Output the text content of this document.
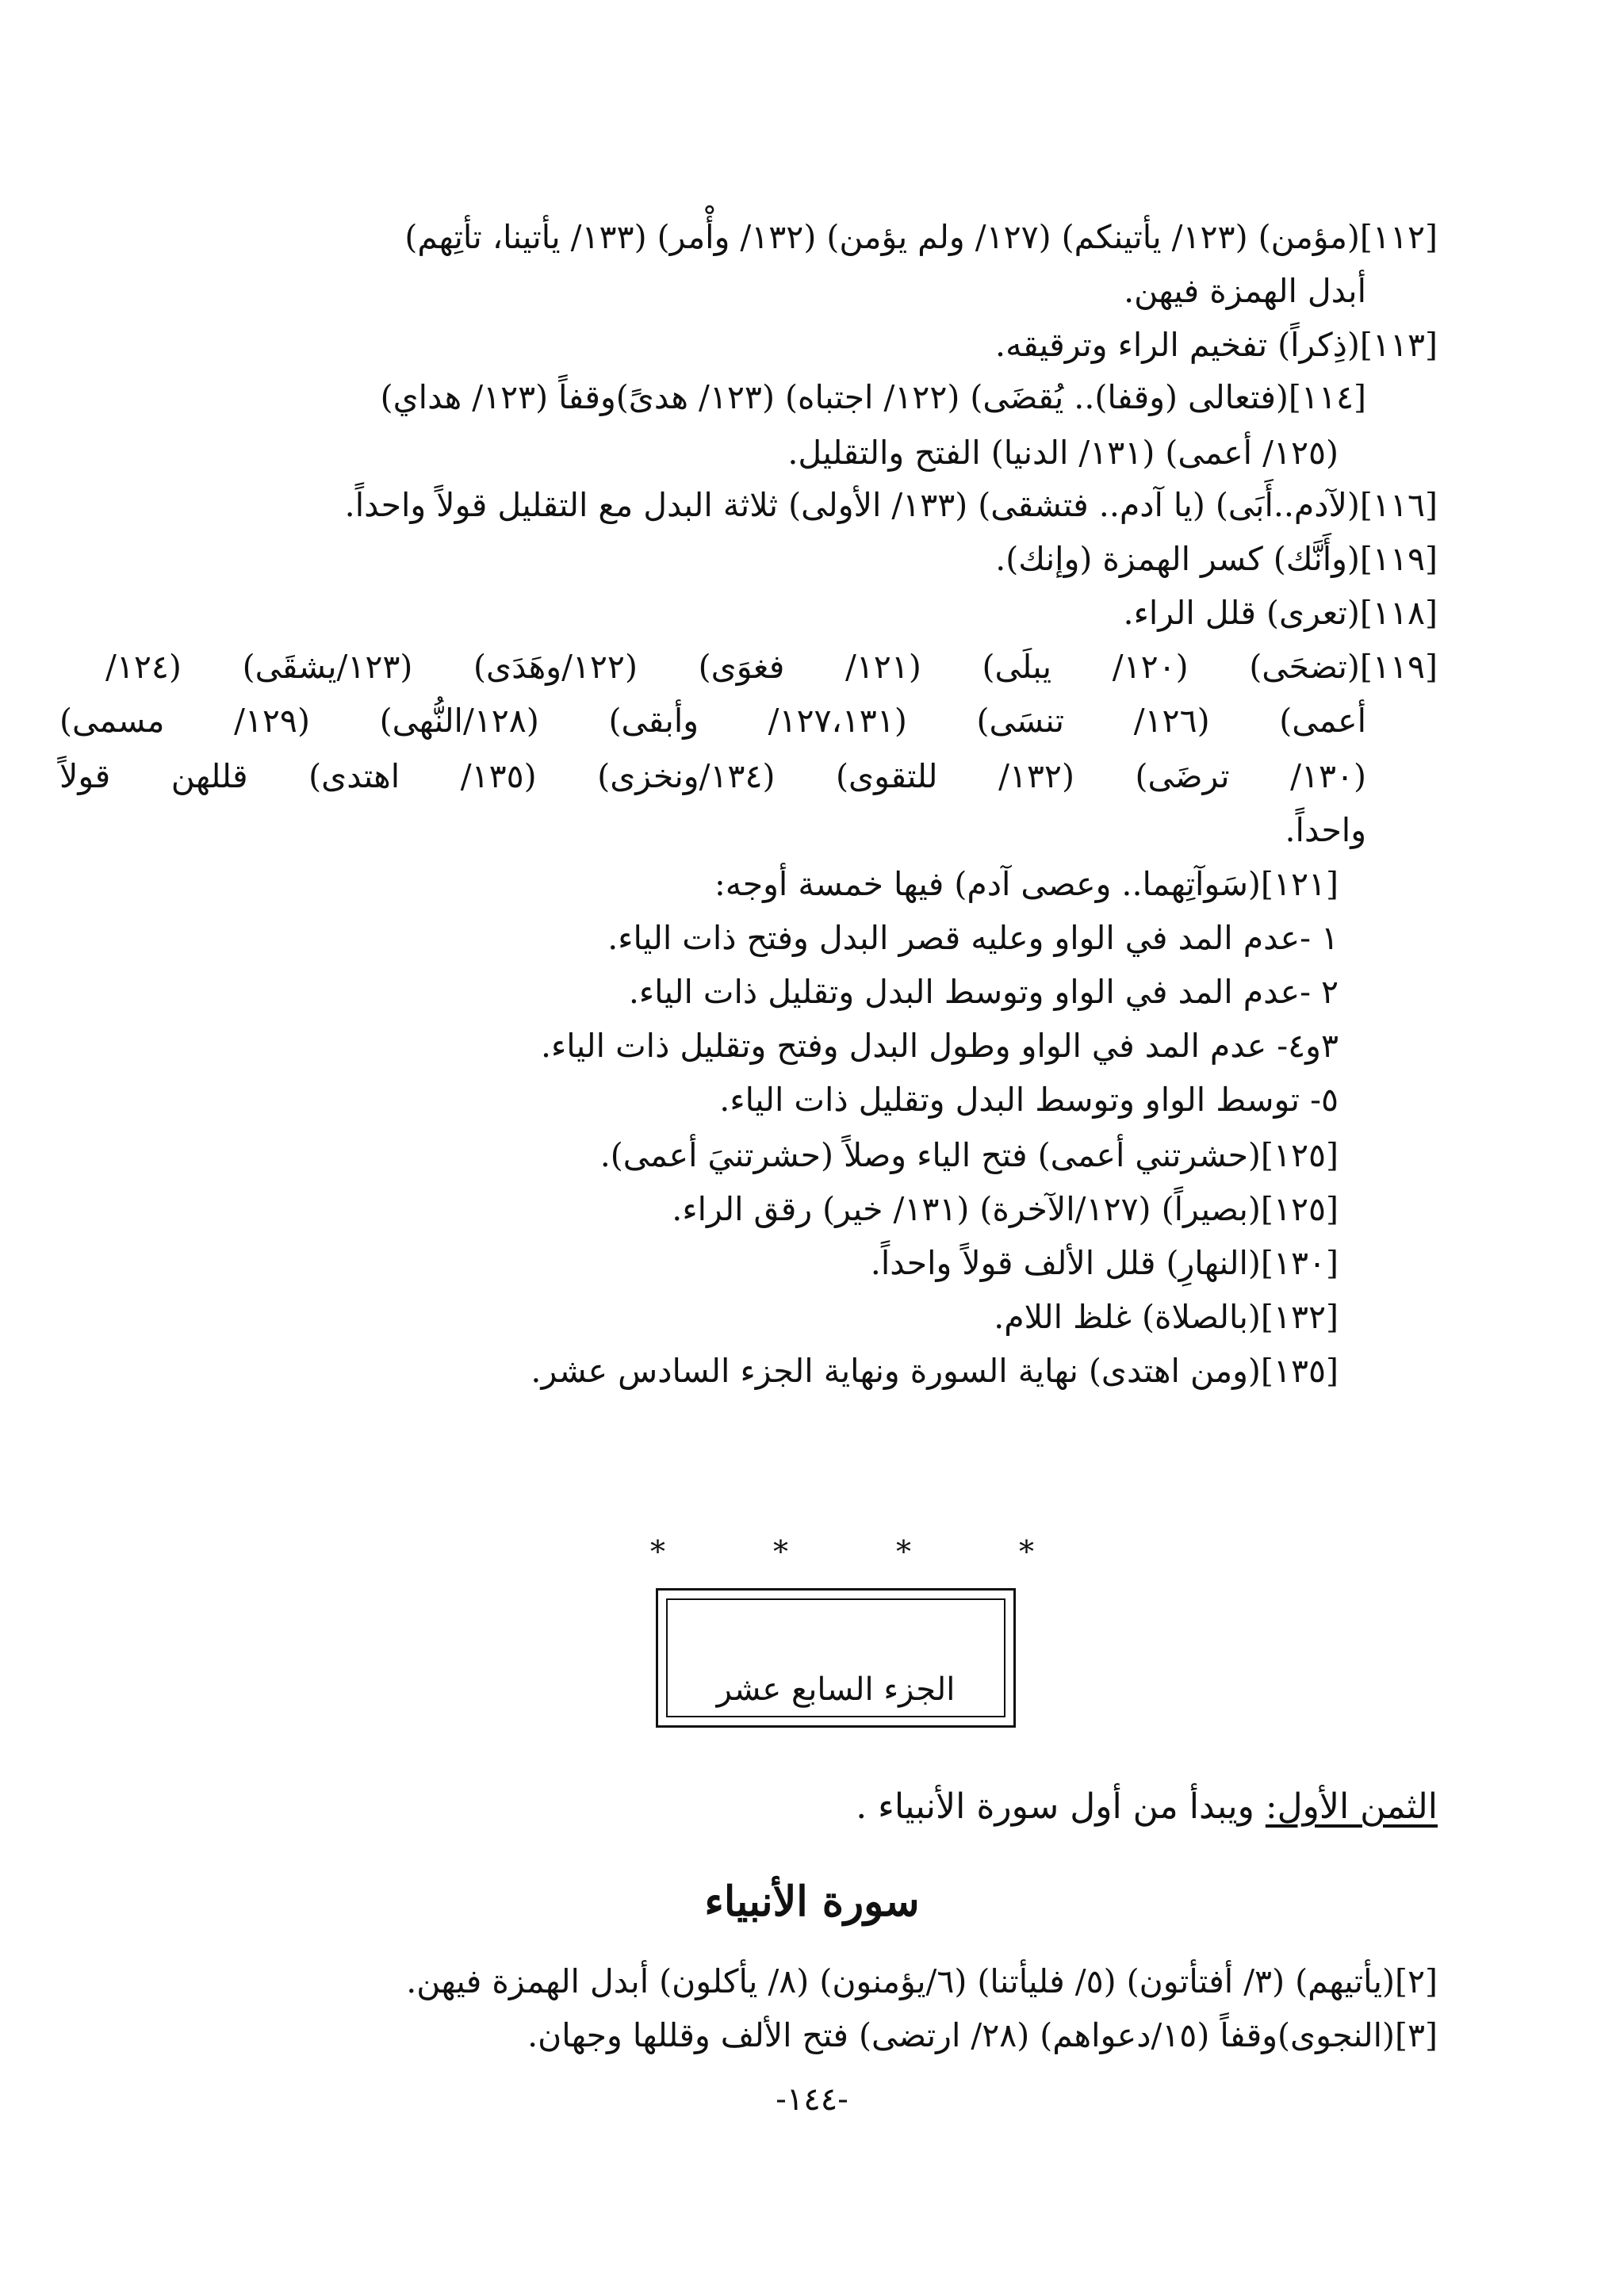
[١١٢](مؤمن) (١٢٣/ يأتينكم) (١٢٧/ ولم يؤمن) (١٣٢/ وأْمر) (١٣٣/ يأتينا، تأتِهم)
أبدل الهمزة فيهن.
[١١٣](ذِكراً) تفخيم الراء وترقيقه.
[١١٤](فتعالى (وقفا).. يُقضَى) (١٢٢/ اجتباه) (١٢٣/ هدىً)وقفاً (١٢٣/ هداي)
(١٢٥/ أعمى) (١٣١/ الدنيا) الفتح والتقليل.
[١١٦](لآدم..أَبَى) (يا آدم.. فتشقى) (١٣٣/ الأولى) ثلاثة البدل مع التقليل قولاً واحداً.
[١١٩](وأَنَّك) كسر الهمزة (وإنك).
[١١٨](تعرى) قلل الراء.
[١١٩](تضحَى) (١٢٠/ يبلَى) (١٢١/ فغوَى) (١٢٢/وهَدَى) (١٢٣/يشقَى) (١٢٤/
أعمى) (١٢٦/ تنسَى) (١٢٧،١٣١/ وأبقى) (١٢٨/النُّهى) (١٢٩/ مسمى)
(١٣٠/ ترضَى) (١٣٢/ للتقوى) (١٣٤/ونخزى) (١٣٥/ اهتدى) قللهن قولاً
واحداً.
[١٢١](سَوآتِهما.. وعصى آدم) فيها خمسة أوجه:
١ -عدم المد في الواو وعليه قصر البدل وفتح ذات الياء.
٢ -عدم المد في الواو وتوسط البدل وتقليل ذات الياء.
٣و٤- عدم المد في الواو وطول البدل وفتح وتقليل ذات الياء.
٥- توسط الواو وتوسط البدل وتقليل ذات الياء.
[١٢٥](حشرتني أعمى) فتح الياء وصلاً (حشرتنيَ أعمى).
[١٢٥](بصيراً) (١٢٧/الآخرة) (١٣١/ خير) رقق الراء.
[١٣٠](النهارِ) قلل الألف قولاً واحداً.
[١٣٢](بالصلاة) غلظ اللام.
[١٣٥](ومن اهتدى) نهاية السورة ونهاية الجزء السادس عشر.
*	*	*	*
الجزء السابع عشر
الثمن الأول: ويبدأ من أول سورة الأنبياء .
سورة الأنبياء
[٢](يأتيهم) (٣/ أفتأتون) (٥/ فليأتنا) (٦/يؤمنون) (٨/ يأكلون) أبدل الهمزة فيهن.
[٣](النجوى)وقفاً (١٥/دعواهم) (٢٨/ ارتضى) فتح الألف وقللها وجهان.
-١٤٤-
